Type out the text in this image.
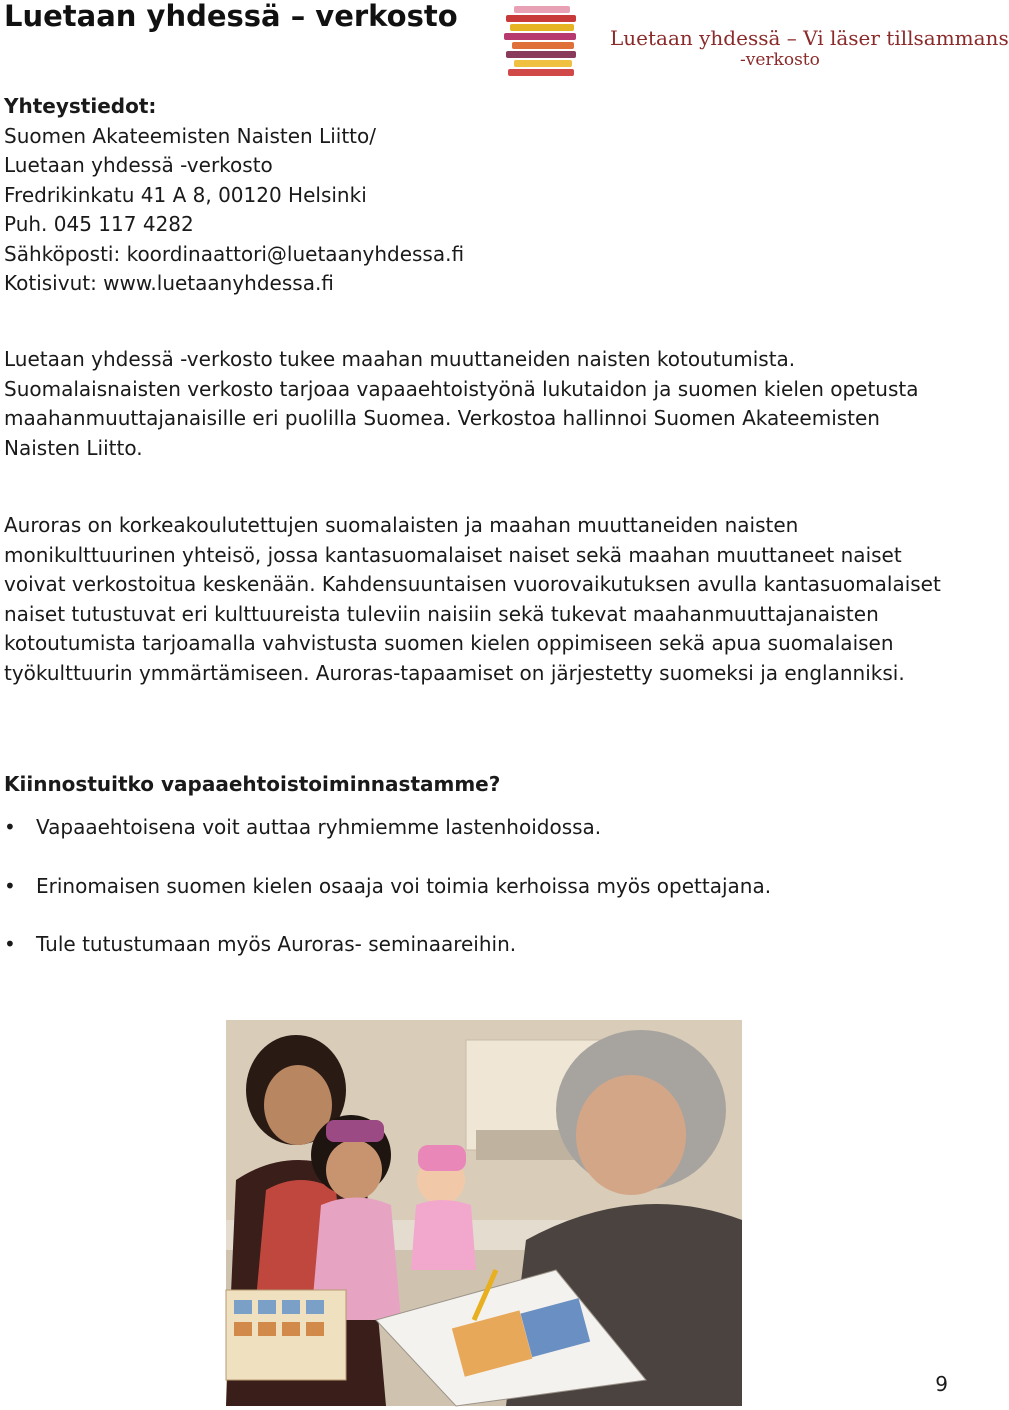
Luetaan yhdessä – verkosto
Luetaan yhdessä – Vi läser tillsammans
-verkosto
Yhteystiedot:
Suomen Akateemisten Naisten Liitto/
Luetaan yhdessä -verkosto
Fredrikinkatu 41 A 8, 00120 Helsinki
Puh. 045 117 4282
Sähköposti: koordinaattori@luetaanyhdessa.fi
Kotisivut: www.luetaanyhdessa.fi

Luetaan yhdessä -verkosto tukee maahan muuttaneiden naisten kotoutumista. Suomalaisnaisten verkosto tarjoaa vapaaehtoistyönä lukutaidon ja suomen kielen opetusta maahanmuuttajanaisille eri puolilla Suomea. Verkostoa hallinnoi Suomen Akateemisten Naisten Liitto.

Auroras on korkeakoulutettujen suomalaisten ja maahan muuttaneiden naisten monikulttuurinen yhteisö, jossa kantasuomalaiset naiset sekä maahan muuttaneet naiset voivat verkostoitua keskenään. Kahdensuuntaisen vuorovaikutuksen avulla kantasuomalaiset naiset tutustuvat eri kulttuureista tuleviin naisiin sekä tukevat maahanmuuttajanaisten kotoutumista tarjoamalla vahvistusta suomen kielen oppimiseen sekä apua suomalaisen työkulttuurin ymmärtämiseen. Auroras-tapaamiset on järjestetty suomeksi ja englanniksi.

Kiinnostuitko vapaaehtoistoiminnastamme?
• Vapaaehtoisena voit auttaa ryhmiemme lastenhoidossa.
• Erinomaisen suomen kielen osaaja voi toimia kerhoissa myös opettajana.
• Tule tutustumaan myös Auroras- seminaareihin.
9
